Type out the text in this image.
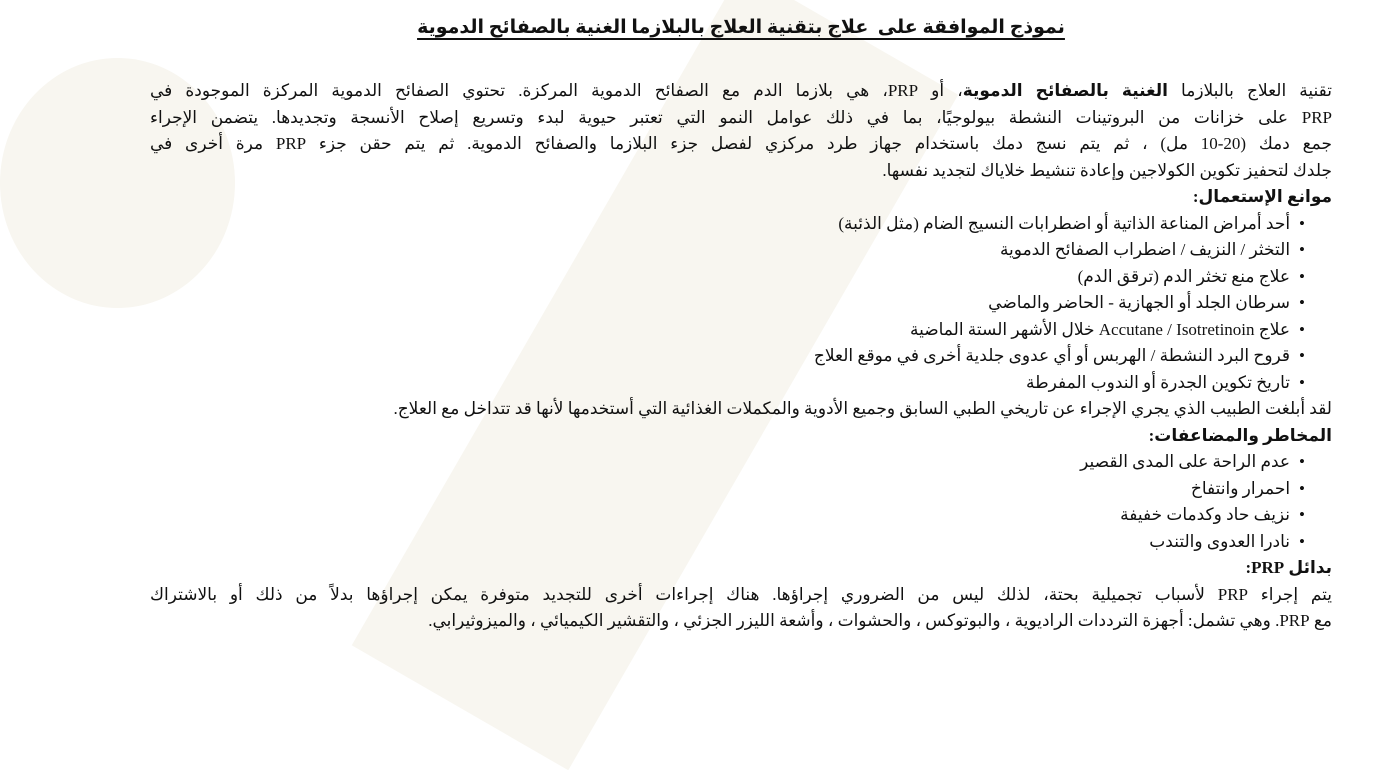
نموذج الموافقة على  علاج بتقنية العلاج بالبلازما الغنية بالصفائح الدموية
تقنية العلاج بالبلازما الغنية بالصفائح الدموية، أو PRP، هي بلازما الدم مع الصفائح الدموية المركزة. تحتوي الصفائح الدموية المركزة الموجودة في
PRP على خزانات من البروتينات النشطة بيولوجيًا، بما في ذلك عوامل النمو التي تعتبر حيوية لبدء وتسريع إصلاح الأنسجة وتجديدها. يتضمن الإجراء
جمع دمك (20-10 مل) ، ثم يتم نسج دمك باستخدام جهاز طرد مركزي لفصل جزء البلازما والصفائح الدموية. ثم يتم حقن جزء PRP مرة أخرى في
جلدك لتحفيز تكوين الكولاجين وإعادة تنشيط خلاياك لتجديد نفسها.
موانع الإستعمال:
•أحد أمراض المناعة الذاتية أو اضطرابات النسيج الضام (مثل الذئبة)
•التخثر / النزيف / اضطراب الصفائح الدموية
•علاج منع تخثر الدم (ترقق الدم)
•سرطان الجلد أو الجهازية - الحاضر والماضي
•علاج Accutane / Isotretinoin خلال الأشهر الستة الماضية
•قروح البرد النشطة / الهربس أو أي عدوى جلدية أخرى في موقع العلاج
•تاريخ تكوين الجدرة أو الندوب المفرطة
لقد أبلغت الطبيب الذي يجري الإجراء عن تاريخي الطبي السابق وجميع الأدوية والمكملات الغذائية التي أستخدمها لأنها قد تتداخل مع العلاج.
المخاطر والمضاعفات:
•عدم الراحة على المدى القصير
•احمرار وانتفاخ
•نزيف حاد وكدمات خفيفة
•نادرا العدوى والتندب
بدائل PRP:
يتم إجراء PRP لأسباب تجميلية بحتة، لذلك ليس من الضروري إجراؤها. هناك إجراءات أخرى للتجديد متوفرة يمكن إجراؤها بدلاً من ذلك أو بالاشتراك
مع PRP. وهي تشمل: أجهزة الترددات الراديوية ، والبوتوكس ، والحشوات ، وأشعة الليزر الجزئي ، والتقشير الكيميائي ، والميزوثيرابي.
